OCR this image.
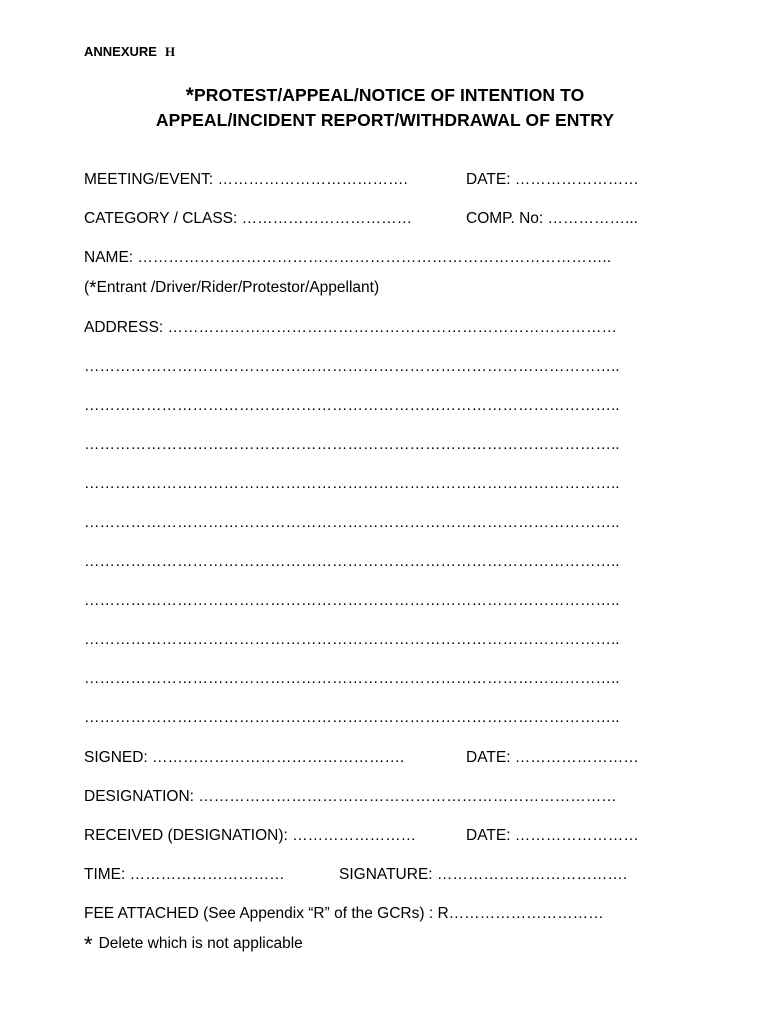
ANNEXURE H
*PROTEST/APPEAL/NOTICE OF INTENTION TO
APPEAL/INCIDENT REPORT/WITHDRAWAL OF ENTRY
MEETING/EVENT: ……………………………….	DATE: ……………………
CATEGORY / CLASS: ……………………………	COMP. No: ……………...
NAME: ………………………………………………………………………………..
(*Entrant /Driver/Rider/Protestor/Appellant)
ADDRESS: ……………………………………………………………………………
…………………………………………………………………………………………..
…………………………………………………………………………………………..
…………………………………………………………………………………………..
…………………………………………………………………………………………..
…………………………………………………………………………………………..
…………………………………………………………………………………………..
…………………………………………………………………………………………..
…………………………………………………………………………………………..
…………………………………………………………………………………………..
…………………………………………………………………………………………..
SIGNED: ………………………………………….	DATE: ……………………
DESIGNATION: ………………………………………………………………………
RECEIVED (DESIGNATION): ……………………	DATE: ……………………
TIME: …………………………	SIGNATURE: ……………………………….
FEE ATTACHED (See Appendix “R” of the GCRs) : R…………………………
* Delete which is not applicable
